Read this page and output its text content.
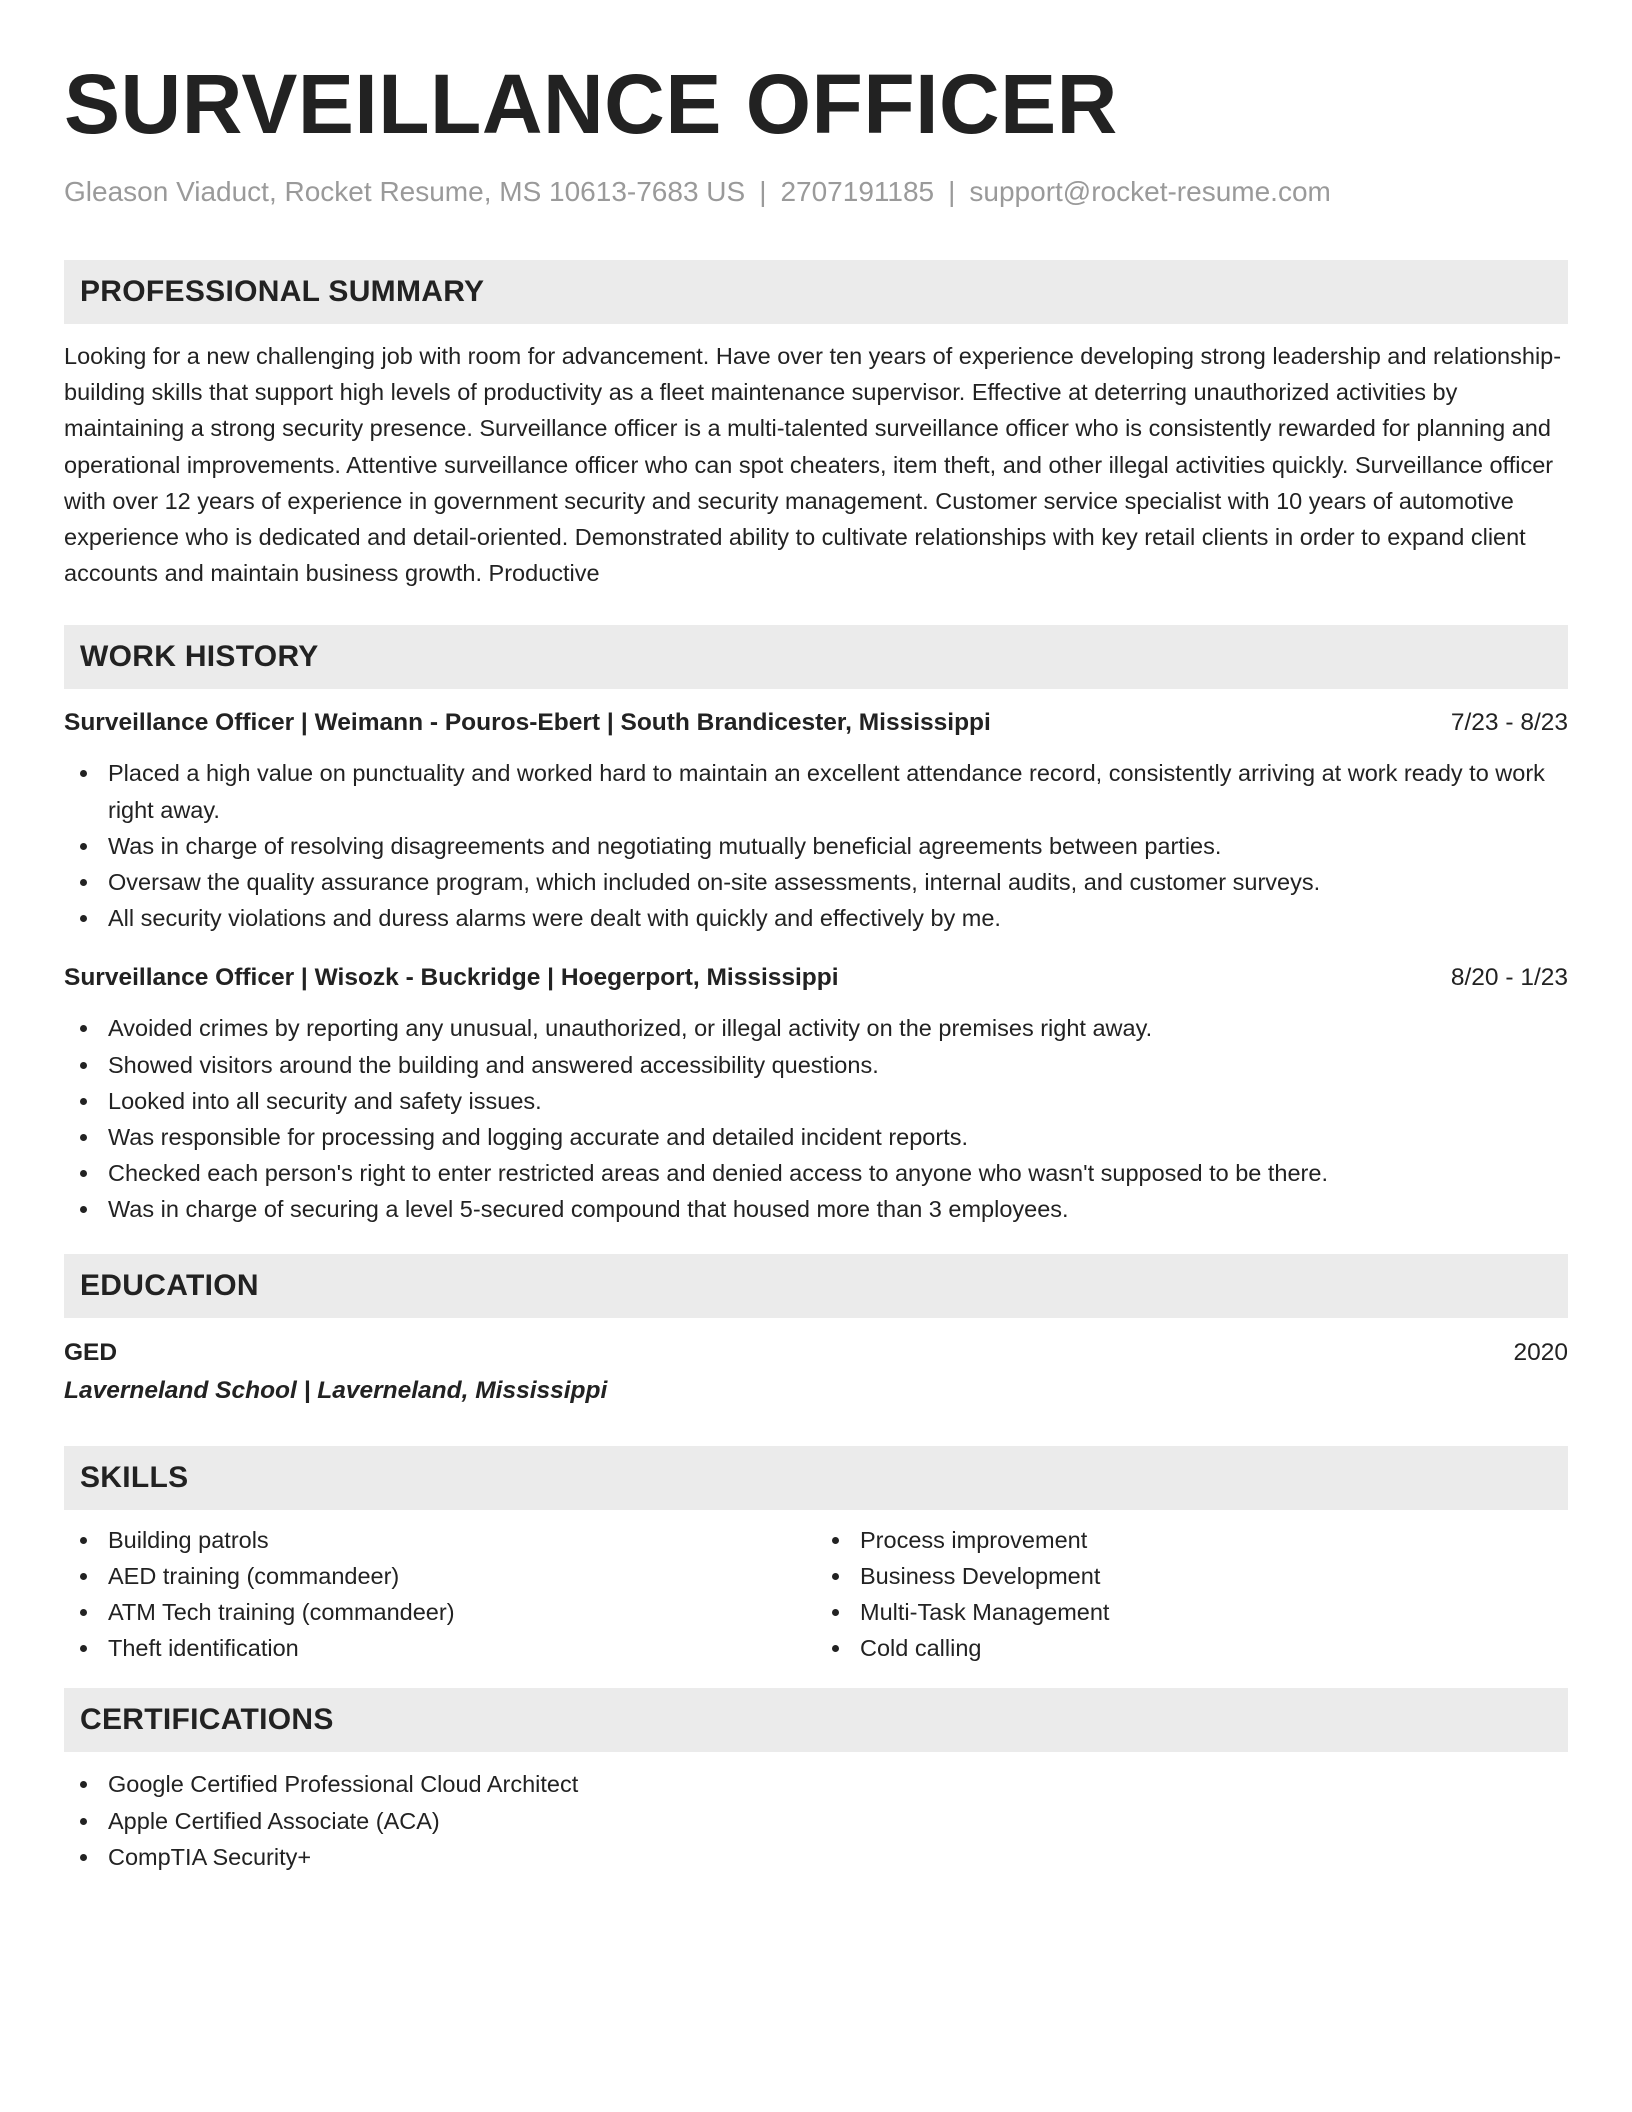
SURVEILLANCE OFFICER
Gleason Viaduct, Rocket Resume, MS 10613-7683 US | 2707191185 | support@rocket-resume.com
PROFESSIONAL SUMMARY
Looking for a new challenging job with room for advancement. Have over ten years of experience developing strong leadership and relationship-building skills that support high levels of productivity as a fleet maintenance supervisor. Effective at deterring unauthorized activities by maintaining a strong security presence. Surveillance officer is a multi-talented surveillance officer who is consistently rewarded for planning and operational improvements. Attentive surveillance officer who can spot cheaters, item theft, and other illegal activities quickly. Surveillance officer with over 12 years of experience in government security and security management. Customer service specialist with 10 years of automotive experience who is dedicated and detail-oriented. Demonstrated ability to cultivate relationships with key retail clients in order to expand client accounts and maintain business growth. Productive
WORK HISTORY
Surveillance Officer | Weimann - Pouros-Ebert | South Brandicester, Mississippi	7/23 - 8/23
Placed a high value on punctuality and worked hard to maintain an excellent attendance record, consistently arriving at work ready to work right away.
Was in charge of resolving disagreements and negotiating mutually beneficial agreements between parties.
Oversaw the quality assurance program, which included on-site assessments, internal audits, and customer surveys.
All security violations and duress alarms were dealt with quickly and effectively by me.
Surveillance Officer | Wisozk - Buckridge | Hoegerport, Mississippi	8/20 - 1/23
Avoided crimes by reporting any unusual, unauthorized, or illegal activity on the premises right away.
Showed visitors around the building and answered accessibility questions.
Looked into all security and safety issues.
Was responsible for processing and logging accurate and detailed incident reports.
Checked each person's right to enter restricted areas and denied access to anyone who wasn't supposed to be there.
Was in charge of securing a level 5-secured compound that housed more than 3 employees.
EDUCATION
GED	2020
Laverneland School | Laverneland, Mississippi
SKILLS
Building patrols
AED training (commandeer)
ATM Tech training (commandeer)
Theft identification
Process improvement
Business Development
Multi-Task Management
Cold calling
CERTIFICATIONS
Google Certified Professional Cloud Architect
Apple Certified Associate (ACA)
CompTIA Security+
